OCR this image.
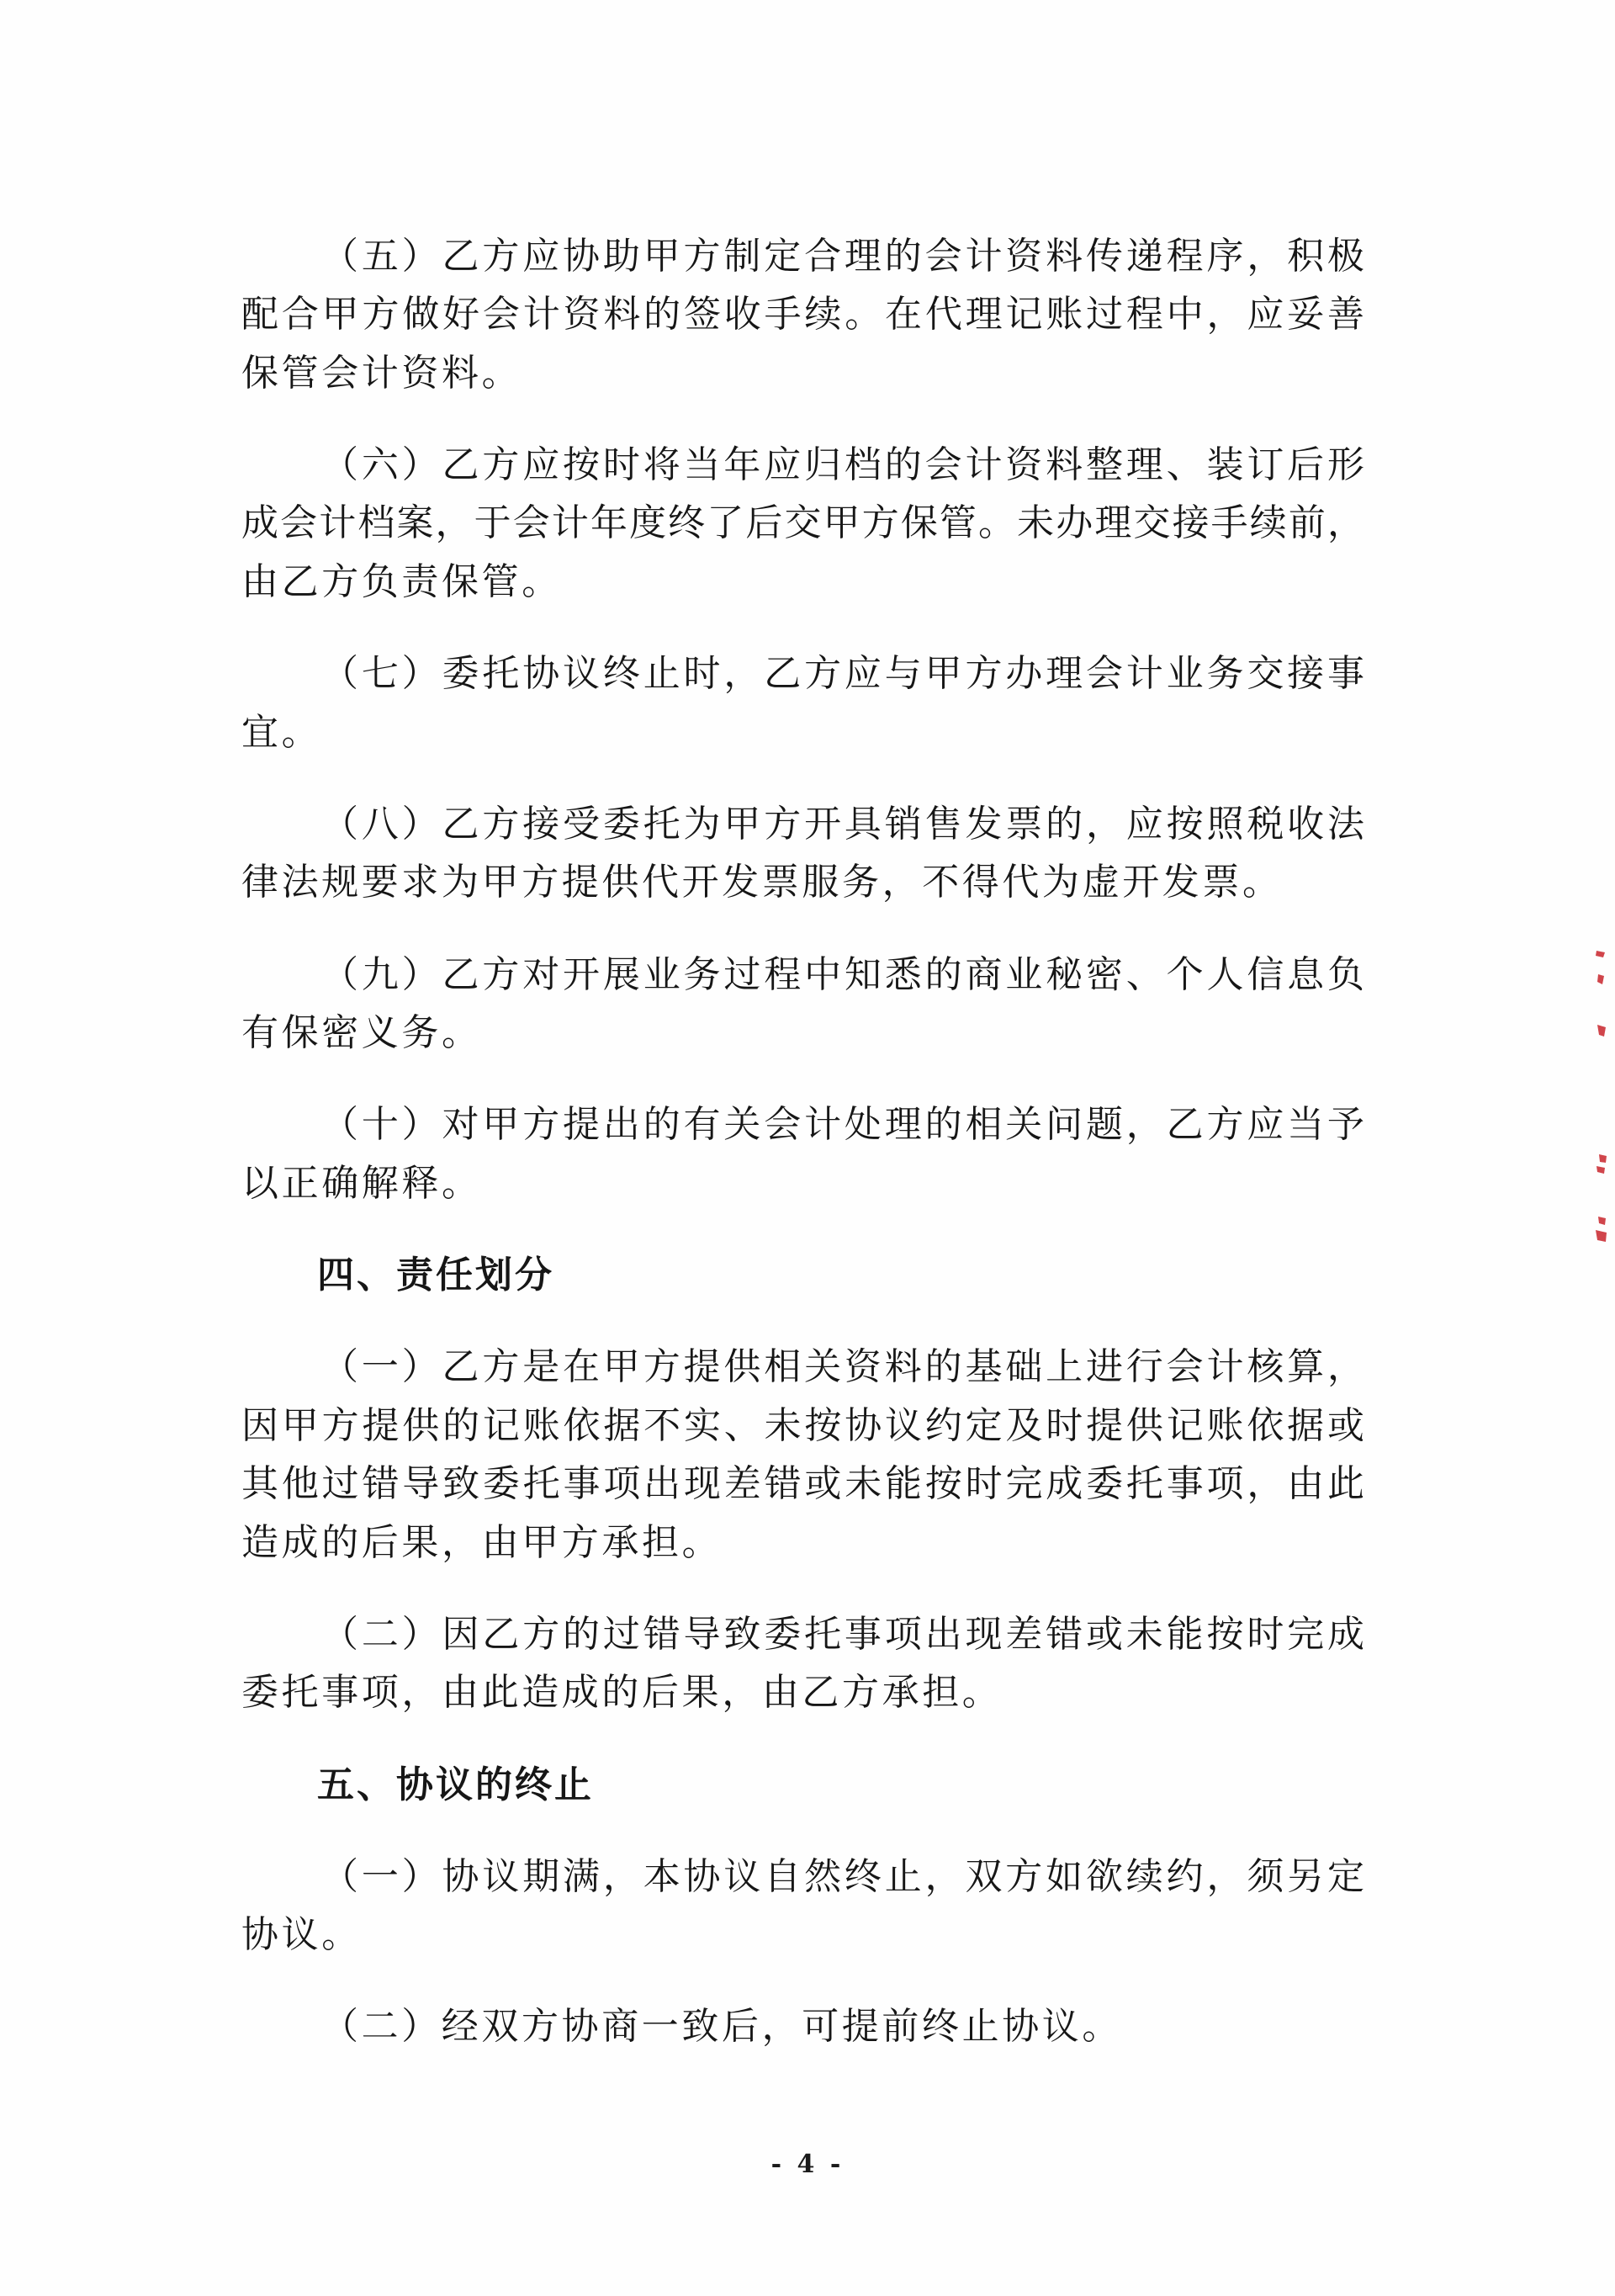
（五）乙方应协助甲方制定合理的会计资料传递程序，积极
配合甲方做好会计资料的签收手续。在代理记账过程中，应妥善
保管会计资料。
（六）乙方应按时将当年应归档的会计资料整理、装订后形
成会计档案，于会计年度终了后交甲方保管。未办理交接手续前，
由乙方负责保管。
（七）委托协议终止时，乙方应与甲方办理会计业务交接事
宜。
（八）乙方接受委托为甲方开具销售发票的，应按照税收法
律法规要求为甲方提供代开发票服务，不得代为虚开发票。
（九）乙方对开展业务过程中知悉的商业秘密、个人信息负
有保密义务。
（十）对甲方提出的有关会计处理的相关问题，乙方应当予
以正确解释。
四、责任划分
（一）乙方是在甲方提供相关资料的基础上进行会计核算，
因甲方提供的记账依据不实、未按协议约定及时提供记账依据或
其他过错导致委托事项出现差错或未能按时完成委托事项，由此
造成的后果，由甲方承担。
（二）因乙方的过错导致委托事项出现差错或未能按时完成
委托事项，由此造成的后果，由乙方承担。
五、协议的终止
（一）协议期满，本协议自然终止，双方如欲续约，须另定
协议。
（二）经双方协商一致后，可提前终止协议。
- 4 -
